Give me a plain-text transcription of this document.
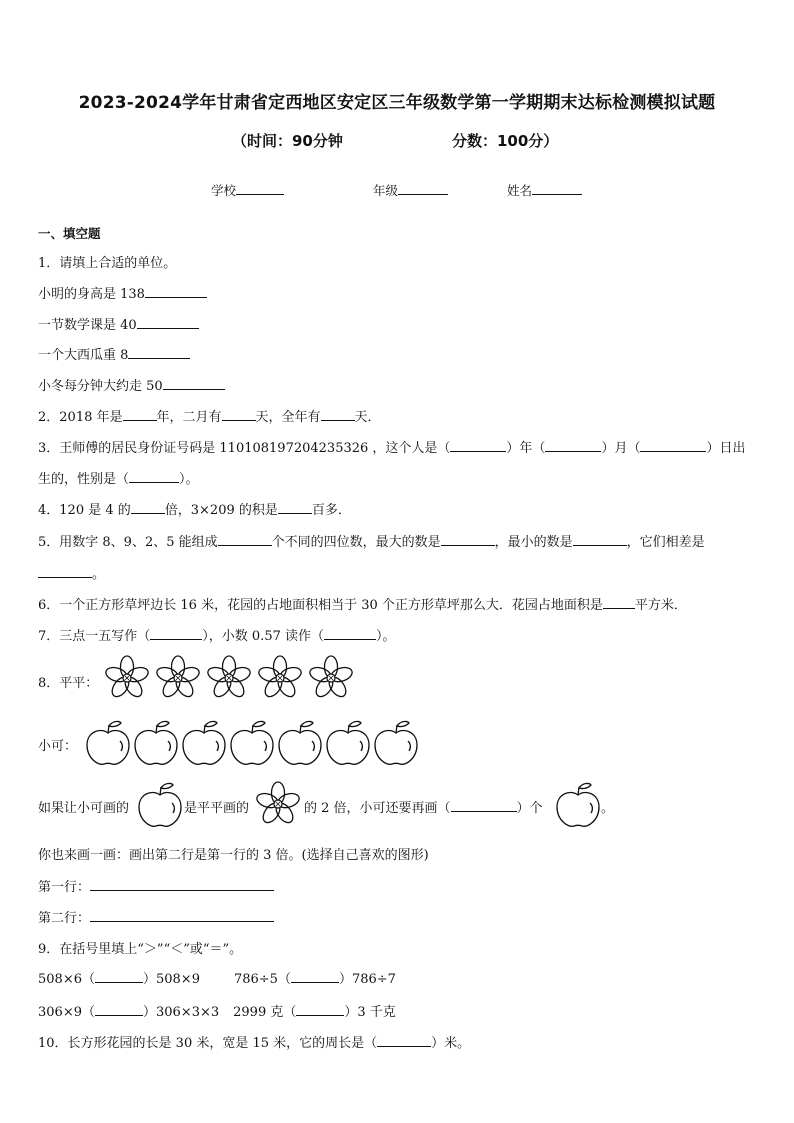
2023-2024学年甘肃省定西地区安定区三年级数学第一学期期末达标检测模拟试题
（时间：90分钟	分数：100分）
学校	年级	姓名
一、填空题
1．请填上合适的单位。
小明的身高是 138
一节数学课是 40
一个大西瓜重 8
小冬每分钟大约走 50
2．2018 年是	年，二月有	天，全年有	天．
3．王师傅的居民身份证号码是 110108197204235326 ，这个人是（	）年（	）月（	）日出
生的，性别是（	）。
4．120 是 4 的	倍，3×209 的积是	百多．
5．用数字 8、9、2、5 能组成	个不同的四位数，最大的数是	，最小的数是	，它们相差是
。
6．一个正方形草坪边长 16 米，花园的占地面积相当于 30 个正方形草坪那么大．花园占地面积是 平方米．
7．三点一五写作（	），小数 0.57 读作（	）。
8．平平：
小可：
如果让小可画的	是平平画的	的 2 倍，小可还要再画（	）个	。
你也来画一画：画出第二行是第一行的 3 倍。(选择自己喜欢的图形)
第一行：
第二行：
9．在括号里填上“＞”“＜”或“＝”。
508×6（	）508×9	786÷5（	）786÷7
306×9（	）306×3×3 2999 克（	）3 千克
10．长方形花园的长是 30 米，宽是 15 米，它的周长是（	）米。
